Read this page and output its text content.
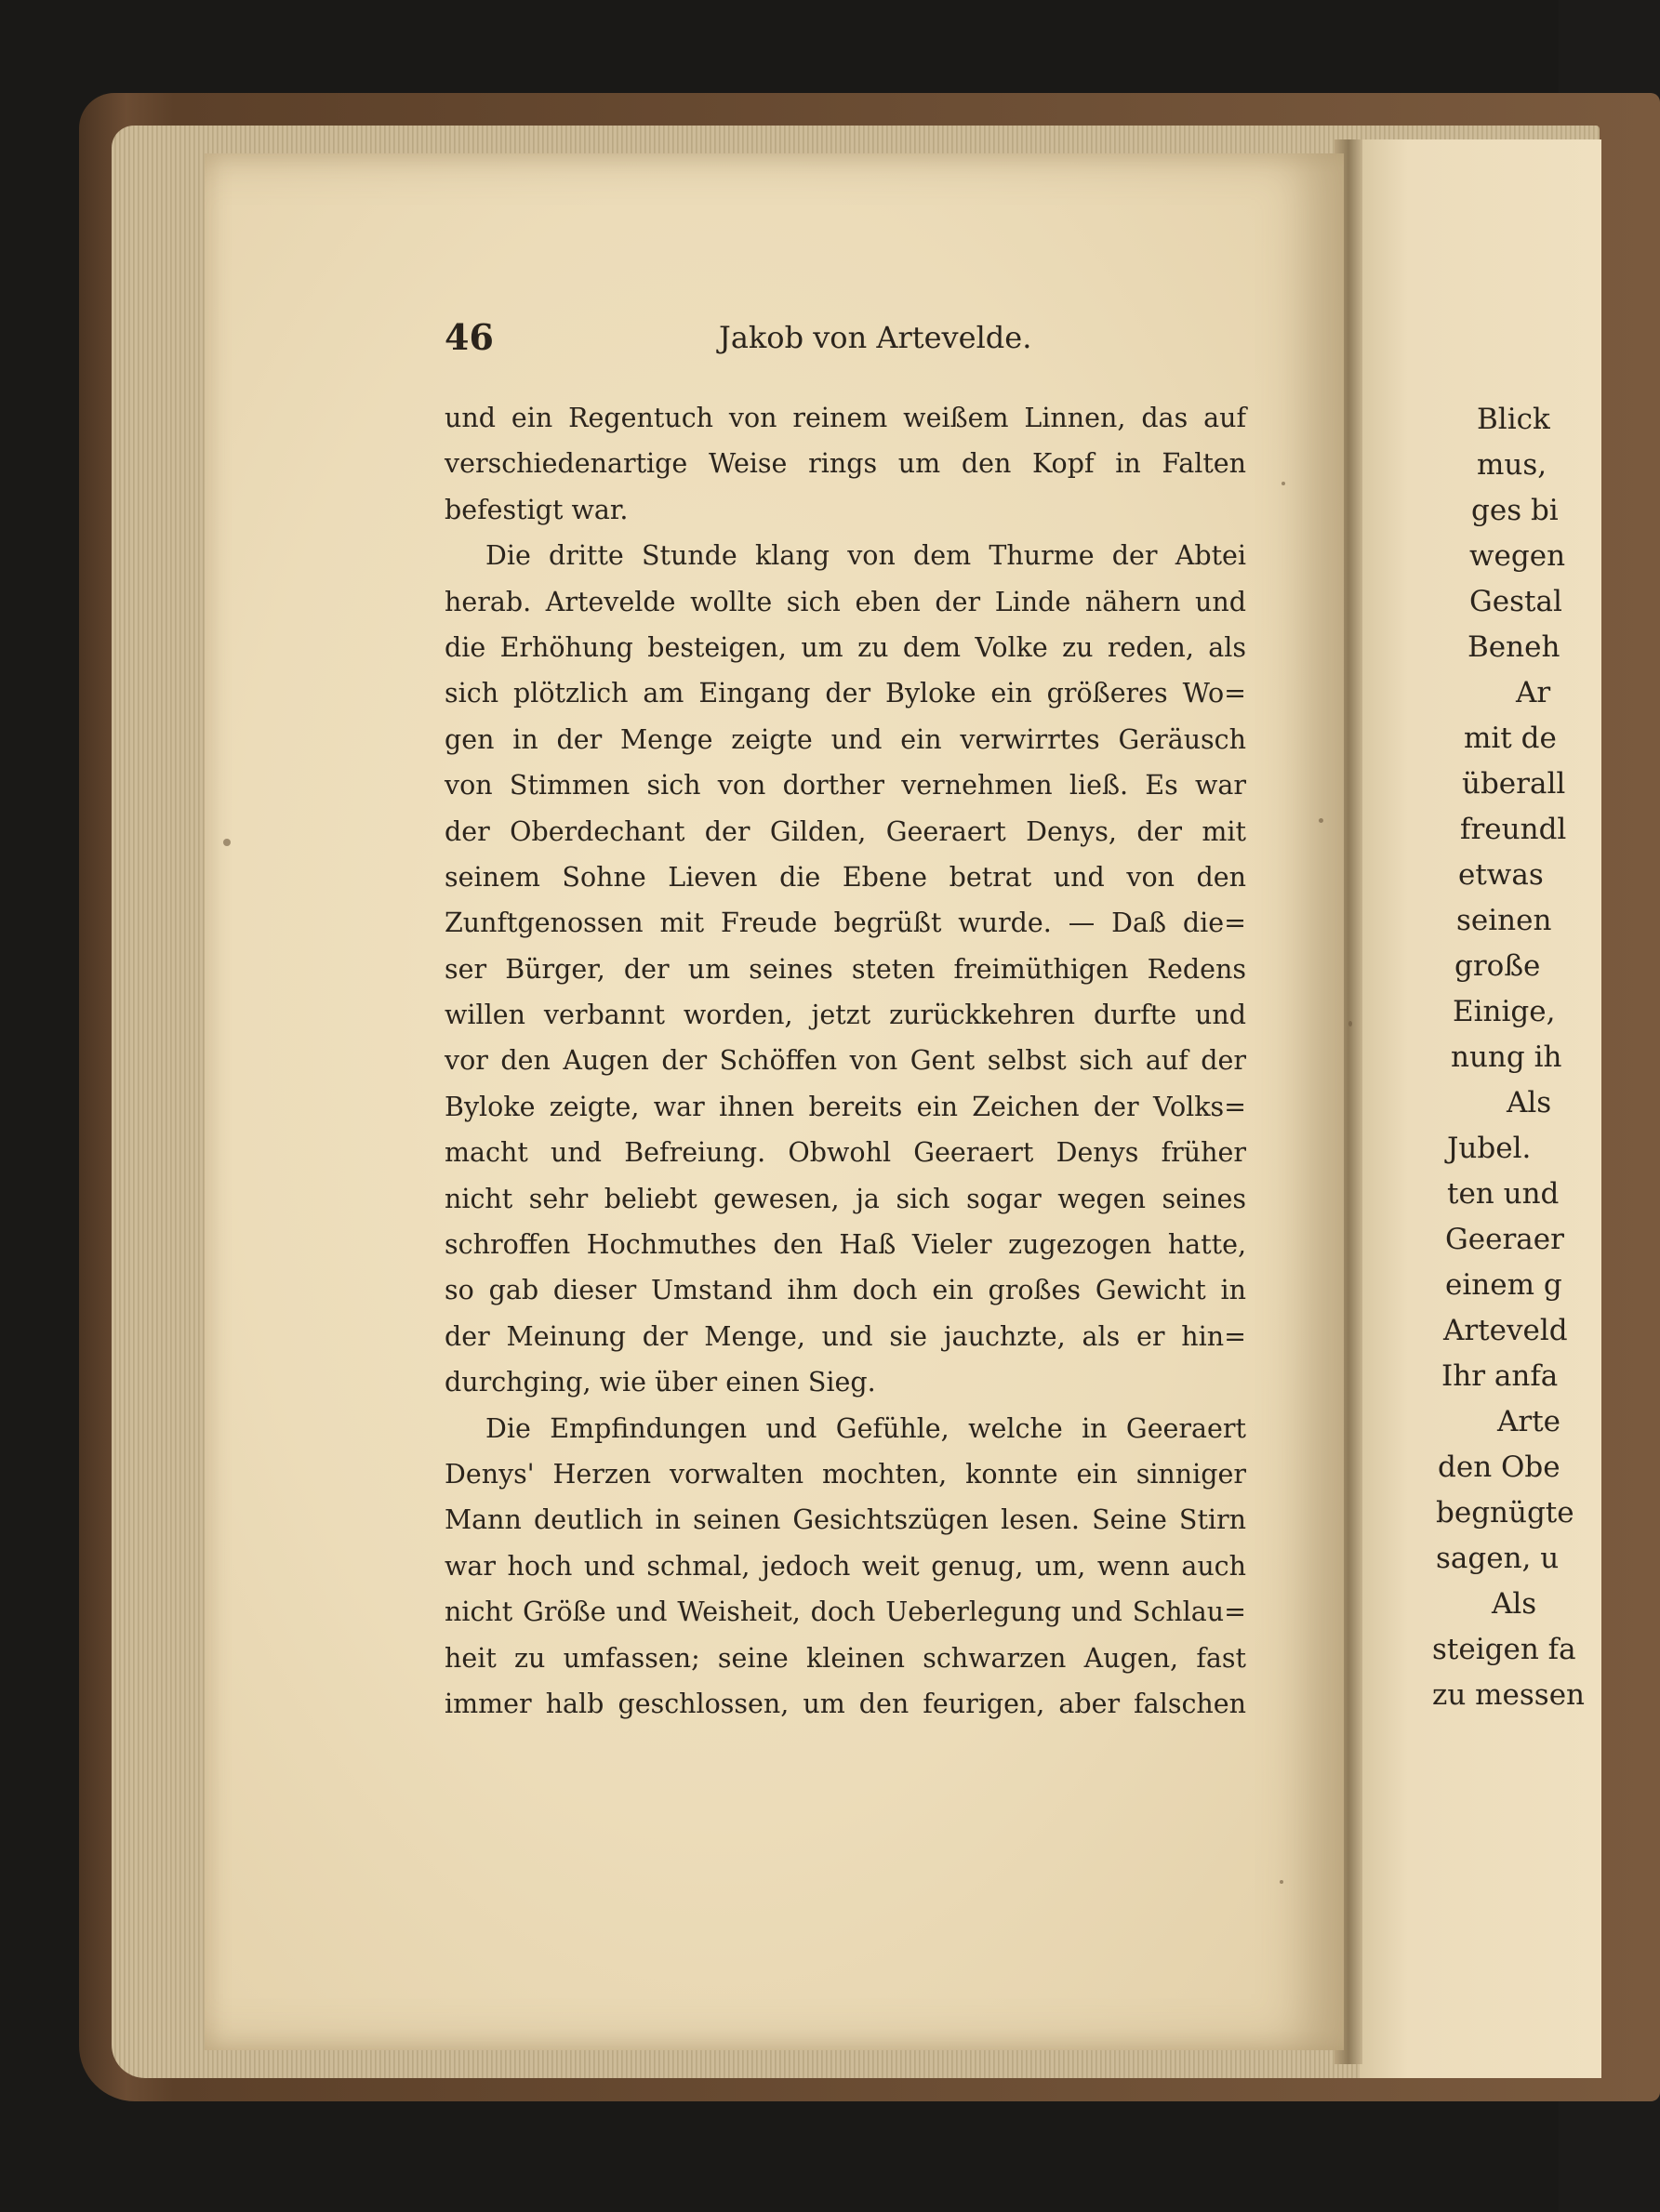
46	Jakob von Artevelde.
und ein Regentuch von reinem weißem Linnen, das auf
verschiedenartige Weise rings um den Kopf in Falten
befestigt war.
Die dritte Stunde klang von dem Thurme der Abtei
herab. Artevelde wollte sich eben der Linde nähern und
die Erhöhung besteigen, um zu dem Volke zu reden, als
sich plötzlich am Eingang der Byloke ein größeres Wo=
gen in der Menge zeigte und ein verwirrtes Geräusch
von Stimmen sich von dorther vernehmen ließ. Es war
der Oberdechant der Gilden, Geeraert Denys, der mit
seinem Sohne Lieven die Ebene betrat und von den
Zunftgenossen mit Freude begrüßt wurde. — Daß die=
ser Bürger, der um seines steten freimüthigen Redens
willen verbannt worden, jetzt zurückkehren durfte und
vor den Augen der Schöffen von Gent selbst sich auf der
Byloke zeigte, war ihnen bereits ein Zeichen der Volks=
macht und Befreiung. Obwohl Geeraert Denys früher
nicht sehr beliebt gewesen, ja sich sogar wegen seines
schroffen Hochmuthes den Haß Vieler zugezogen hatte,
so gab dieser Umstand ihm doch ein großes Gewicht in
der Meinung der Menge, und sie jauchzte, als er hin=
durchging, wie über einen Sieg.
Die Empfindungen und Gefühle, welche in Geeraert
Denys' Herzen vorwalten mochten, konnte ein sinniger
Mann deutlich in seinen Gesichtszügen lesen. Seine Stirn
war hoch und schmal, jedoch weit genug, um, wenn auch
nicht Größe und Weisheit, doch Ueberlegung und Schlau=
heit zu umfassen; seine kleinen schwarzen Augen, fast
immer halb geschlossen, um den feurigen, aber falschen
Blick
mus,
ges bi
wegen
Gestal
Beneh
Ar
mit de
überall
freundl
etwas
seinen
große
Einige,
nung ih
Als
Jubel.
ten und
Geeraer
einem g
Arteveld
Ihr anfa
Arte
den Obe
begnügte
sagen, u
Als
steigen fa
zu messen
